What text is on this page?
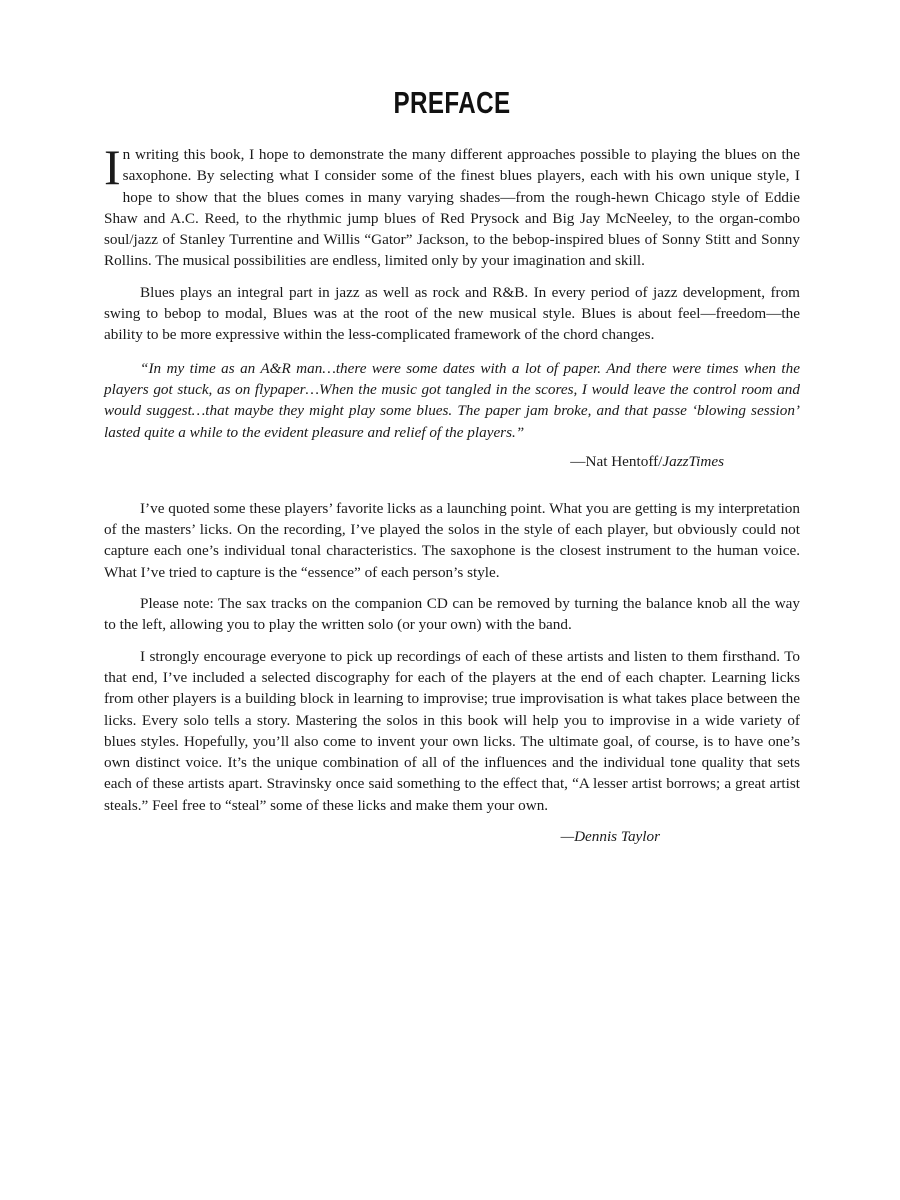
PREFACE

In writing this book, I hope to demonstrate the many different approaches possible to playing the blues on the saxophone. By selecting what I consider some of the finest blues players, each with his own unique style, I hope to show that the blues comes in many varying shades—from the rough-hewn Chicago style of Eddie Shaw and A.C. Reed, to the rhythmic jump blues of Red Prysock and Big Jay McNeeley, to the organ-combo soul/jazz of Stanley Turrentine and Willis “Gator” Jackson, to the bebop-inspired blues of Sonny Stitt and Sonny Rollins. The musical possibilities are endless, limited only by your imagination and skill.

Blues plays an integral part in jazz as well as rock and R&B. In every period of jazz development, from swing to bebop to modal, Blues was at the root of the new musical style. Blues is about feel—freedom—the ability to be more expressive within the less-complicated framework of the chord changes.

“In my time as an A&R man…there were some dates with a lot of paper. And there were times when the players got stuck, as on flypaper…When the music got tangled in the scores, I would leave the control room and would suggest…that maybe they might play some blues. The paper jam broke, and that passe ‘blowing session’ lasted quite a while to the evident pleasure and relief of the players.”

—Nat Hentoff/JazzTimes

I’ve quoted some these players’ favorite licks as a launching point. What you are getting is my interpretation of the masters’ licks. On the recording, I’ve played the solos in the style of each player, but obviously could not capture each one’s individual tonal characteristics. The saxophone is the closest instrument to the human voice. What I’ve tried to capture is the “essence” of each person’s style.

Please note: The sax tracks on the companion CD can be removed by turning the balance knob all the way to the left, allowing you to play the written solo (or your own) with the band.

I strongly encourage everyone to pick up recordings of each of these artists and listen to them firsthand. To that end, I’ve included a selected discography for each of the players at the end of each chapter. Learning licks from other players is a building block in learning to improvise; true improvisation is what takes place between the licks. Every solo tells a story. Mastering the solos in this book will help you to improvise in a wide variety of blues styles. Hopefully, you’ll also come to invent your own licks. The ultimate goal, of course, is to have one’s own distinct voice. It’s the unique combination of all of the influences and the individual tone quality that sets each of these artists apart. Stravinsky once said something to the effect that, “A lesser artist borrows; a great artist steals.” Feel free to “steal” some of these licks and make them your own.

—Dennis Taylor
